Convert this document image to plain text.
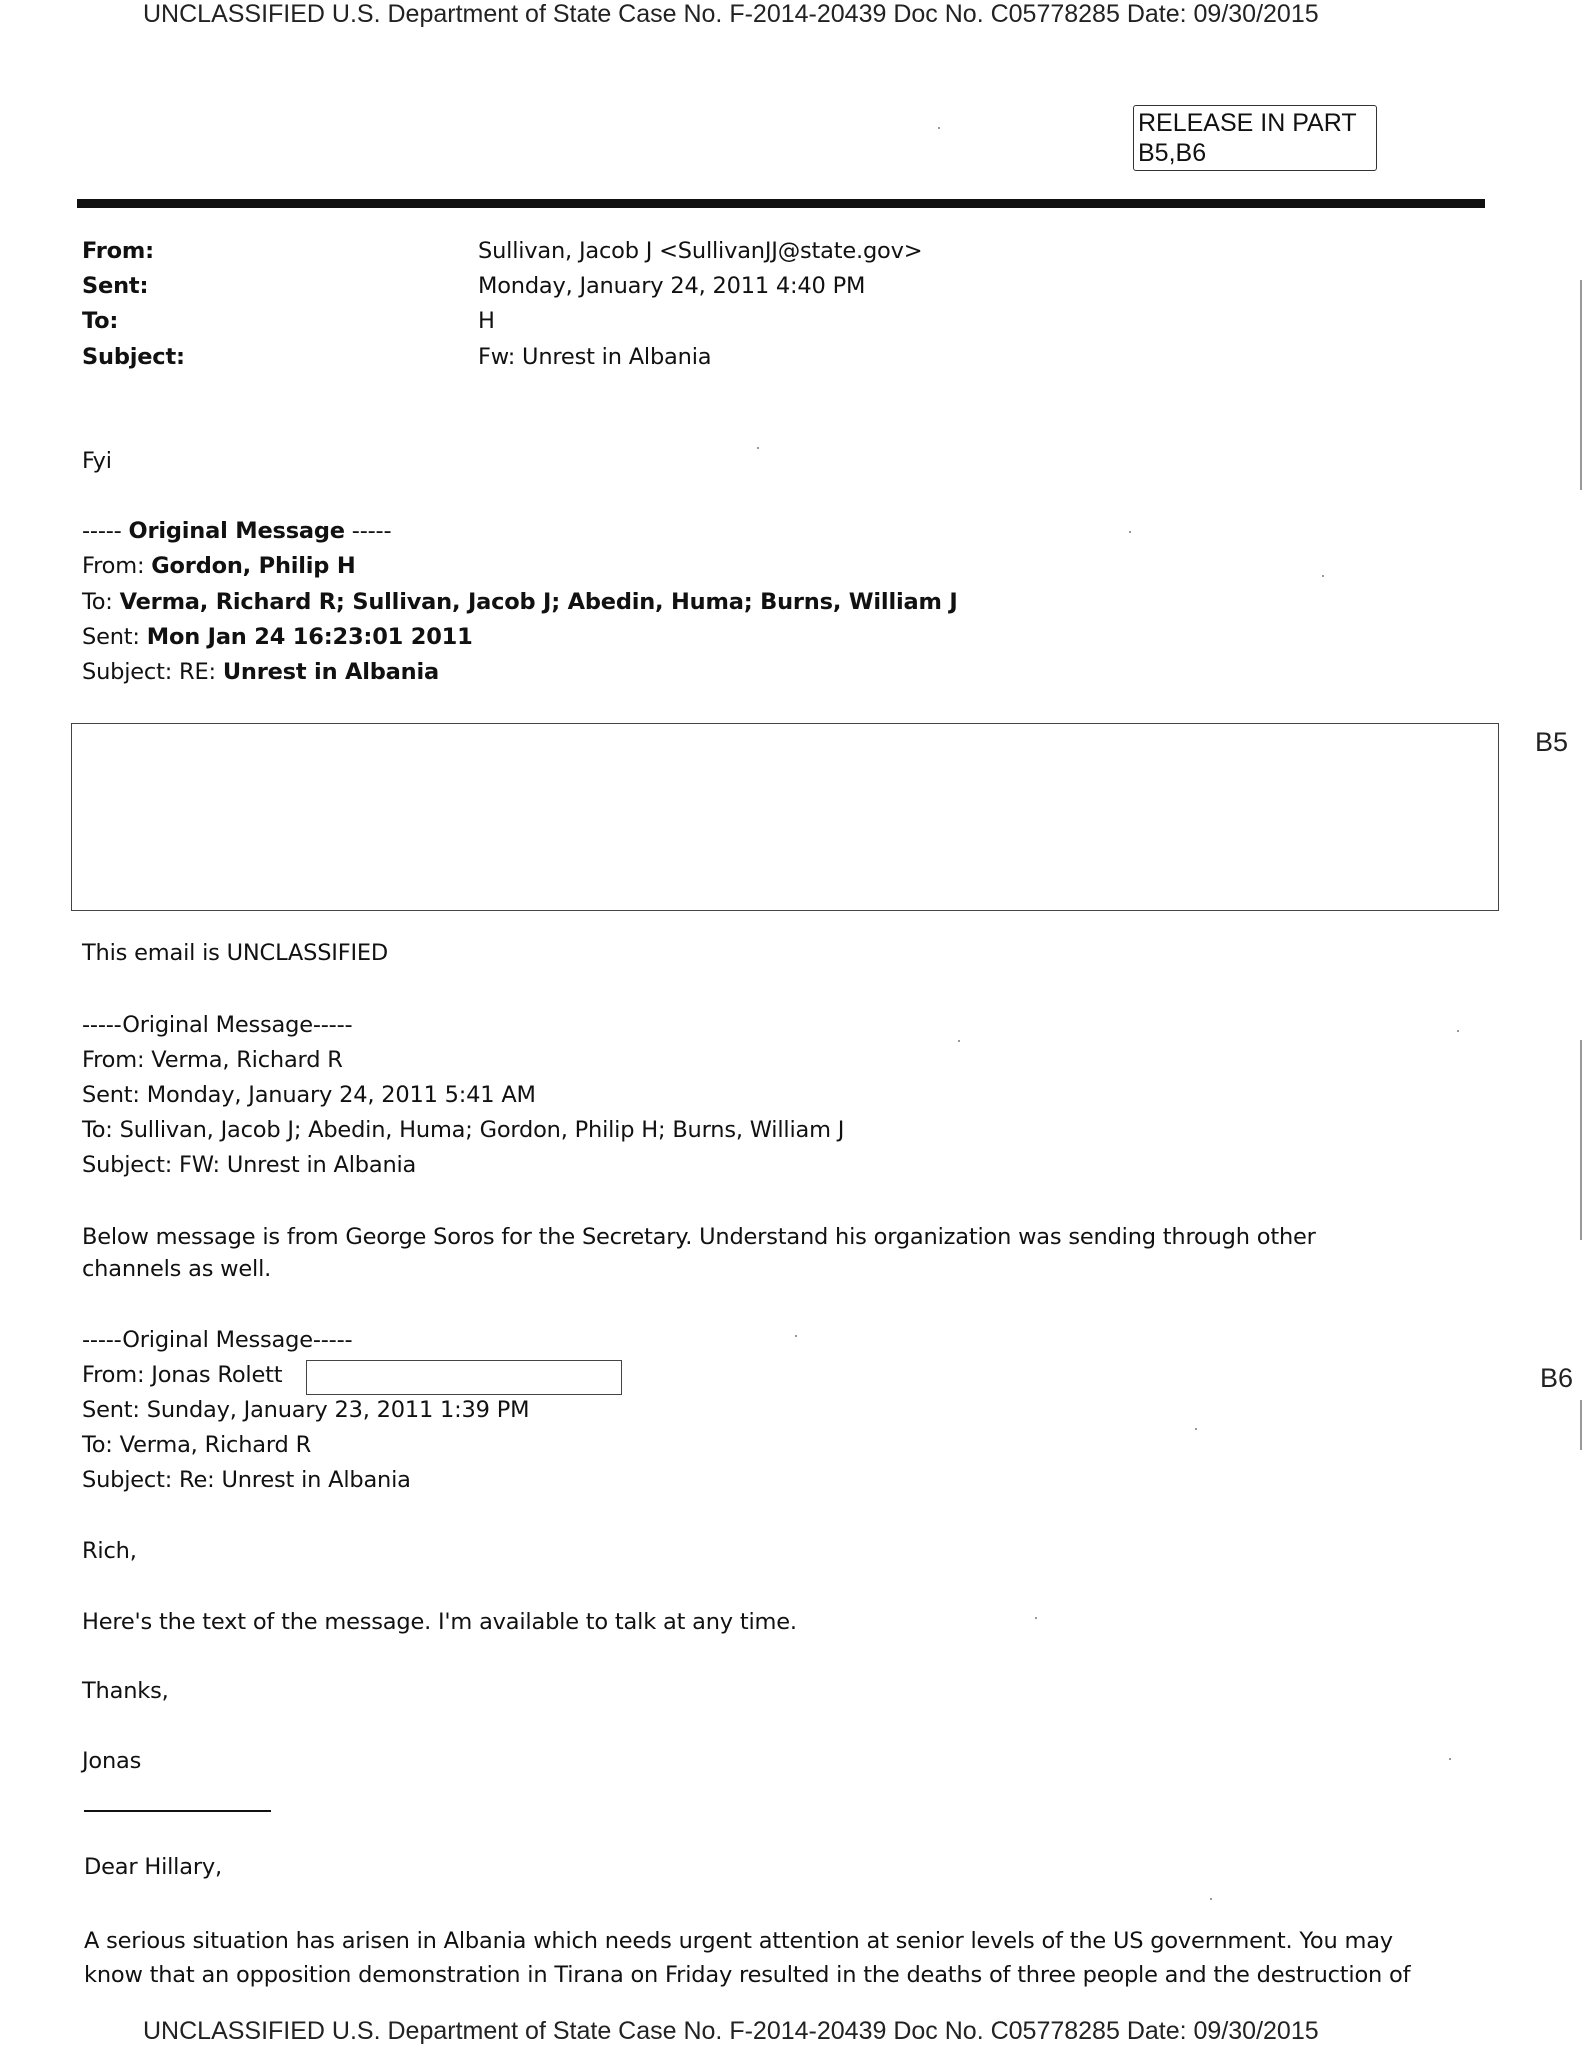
UNCLASSIFIED U.S. Department of State Case No. F-2014-20439 Doc No. C05778285 Date: 09/30/2015
RELEASE IN PART
B5,B6
From:	Sullivan, Jacob J <SullivanJJ@state.gov>
Sent:	Monday, January 24, 2011 4:40 PM
To:	H
Subject:	Fw: Unrest in Albania
Fyi
----- Original Message -----
From: Gordon, Philip H
To: Verma, Richard R; Sullivan, Jacob J; Abedin, Huma; Burns, William J
Sent: Mon Jan 24 16:23:01 2011
Subject: RE: Unrest in Albania
B5
This email is UNCLASSIFIED
-----Original Message-----
From: Verma, Richard R
Sent: Monday, January 24, 2011 5:41 AM
To: Sullivan, Jacob J; Abedin, Huma; Gordon, Philip H; Burns, William J
Subject: FW: Unrest in Albania
Below message is from George Soros for the Secretary. Understand his organization was sending through other
channels as well.
-----Original Message-----
From: Jonas Rolett	B6
Sent: Sunday, January 23, 2011 1:39 PM
To: Verma, Richard R
Subject: Re: Unrest in Albania
Rich,
Here's the text of the message. I'm available to talk at any time.
Thanks,
Jonas
Dear Hillary,
A serious situation has arisen in Albania which needs urgent attention at senior levels of the US government. You may
know that an opposition demonstration in Tirana on Friday resulted in the deaths of three people and the destruction of
UNCLASSIFIED U.S. Department of State Case No. F-2014-20439 Doc No. C05778285 Date: 09/30/2015
